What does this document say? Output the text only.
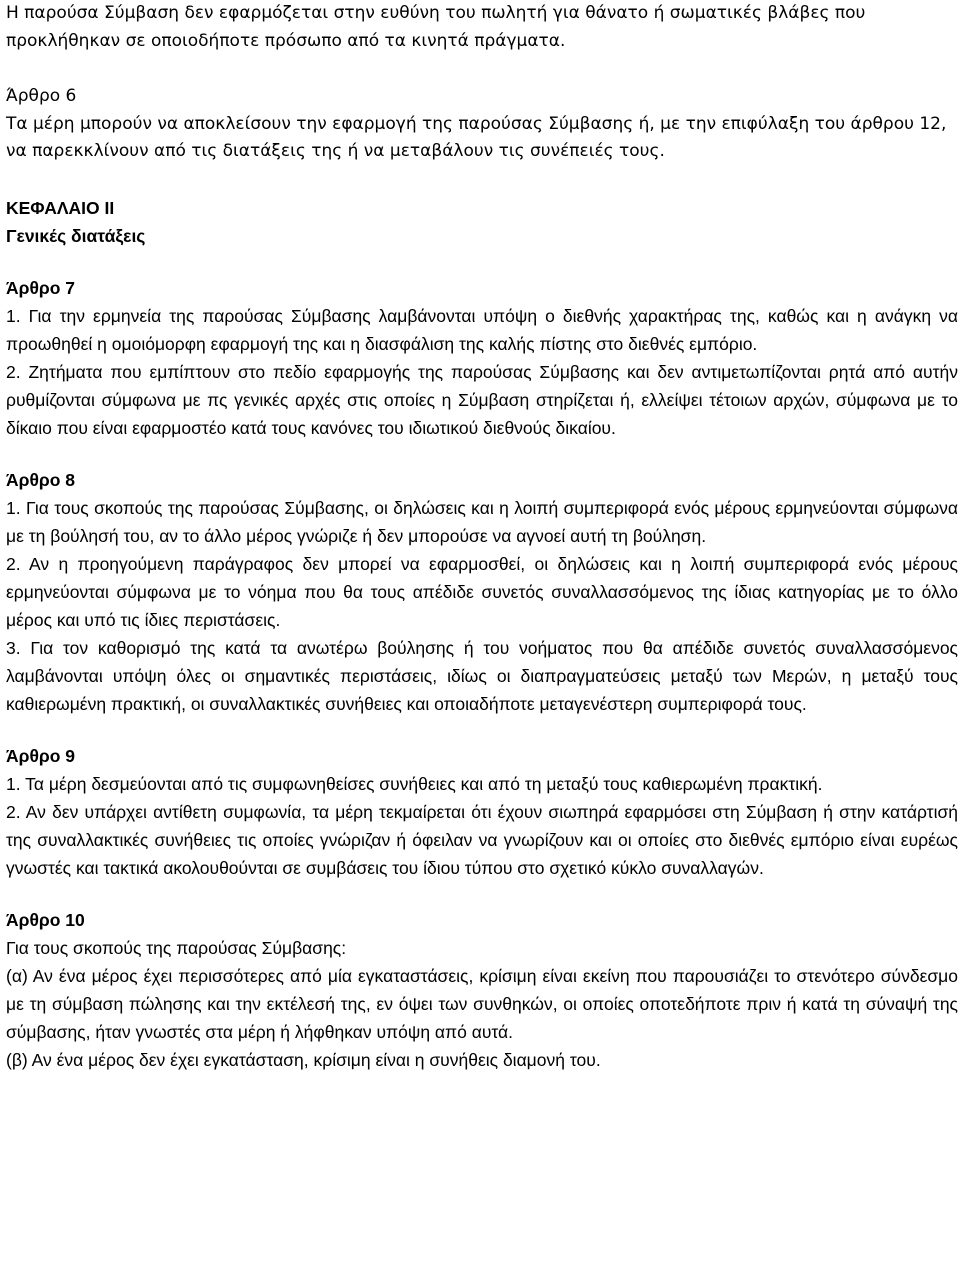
Η παρούσα Σύμβαση δεν εφαρμόζεται στην ευθύνη του πωλητή για θάνατο ή σωματικές βλάβες που προκλήθηκαν σε οποιοδήποτε πρόσωπο από τα κινητά πράγματα.

Άρθρο 6

Τα μέρη μπορούν να αποκλείσουν την εφαρμογή της παρούσας Σύμβασης ή, με την επιφύλαξη του άρθρου 12, να παρεκκλίνουν από τις διατάξεις της ή να μεταβάλουν τις συνέπειές τους.

ΚΕΦΑΛΑΙΟ ΙΙ

Γενικές διατάξεις

Άρθρο 7

1. Για την ερμηνεία της παρούσας Σύμβασης λαμβάνονται υπόψη ο διεθνής χαρακτήρας της, καθώς και η ανάγκη να προωθηθεί η ομοιόμορφη εφαρμογή της και η διασφάλιση της καλής πίστης στο διεθνές εμπόριο.

2. Ζητήματα που εμπίπτουν στο πεδίο εφαρμογής της παρούσας Σύμβασης και δεν αντιμετωπίζονται ρητά από αυτήν ρυθμίζονται σύμφωνα με πς γενικές αρχές στις οποίες η Σύμβαση στηρίζεται ή, ελλείψει τέτοιων αρχών, σύμφωνα με το δίκαιο που είναι εφαρμοστέο κατά τους κανόνες του ιδιωτικού διεθνούς δικαίου.

Άρθρο 8

1. Για τους σκοπούς της παρούσας Σύμβασης, οι δηλώσεις και η λοιπή συμπεριφορά ενός μέρους ερμηνεύονται σύμφωνα με τη βούλησή του, αν το άλλο μέρος γνώριζε ή δεν μπορούσε να αγνοεί αυτή τη βούληση.

2. Αν η προηγούμενη παράγραφος δεν μπορεί να εφαρμοσθεί, οι δηλώσεις και η λοιπή συμπεριφορά ενός μέρους ερμηνεύονται σύμφωνα με το νόημα που θα τους απέδιδε συνετός συναλλασσόμενος της ίδιας κατηγορίας με το όλλο μέρος και υπό τις ίδιες περιστάσεις.

3. Για τον καθορισμό της κατά τα ανωτέρω βούλησης ή του νοήματος που θα απέδιδε συνετός συναλλασσόμενος λαμβάνονται υπόψη όλες οι σημαντικές περιστάσεις, ιδίως οι διαπραγματεύσεις μεταξύ των Μερών, η μεταξύ τους καθιερωμένη πρακτική, οι συναλλακτικές συνήθειες και οποιαδήποτε μεταγενέστερη συμπεριφορά τους.

Άρθρο 9

1. Τα μέρη δεσμεύονται από τις συμφωνηθείσες συνήθειες και από τη μεταξύ τους καθιερωμένη πρακτική.

2. Αν δεν υπάρχει αντίθετη συμφωνία, τα μέρη τεκμαίρεται ότι έχουν σιωπηρά εφαρμόσει στη Σύμβαση ή στην κατάρτισή της συναλλακτικές συνήθειες τις οποίες γνώριζαν ή όφειλαν να γνωρίζουν και οι οποίες στο διεθνές εμπόριο είναι ευρέως γνωστές και τακτικά ακολουθούνται σε συμβάσεις του ίδιου τύπου στο σχετικό κύκλο συναλλαγών.

Άρθρο 10

Για τους σκοπούς της παρούσας Σύμβασης:

(α) Αν ένα μέρος έχει περισσότερες από μία εγκαταστάσεις, κρίσιμη είναι εκείνη που παρουσιάζει το στενότερο σύνδεσμο με τη σύμβαση πώλησης και την εκτέλεσή της, εν όψει των συνθηκών, οι οποίες οποτεδήποτε πριν ή κατά τη σύναψή της σύμβασης, ήταν γνωστές στα μέρη ή λήφθηκαν υπόψη από αυτά.

(β) Αν ένα μέρος δεν έχει εγκατάσταση, κρίσιμη είναι η συνήθεις διαμονή του.
